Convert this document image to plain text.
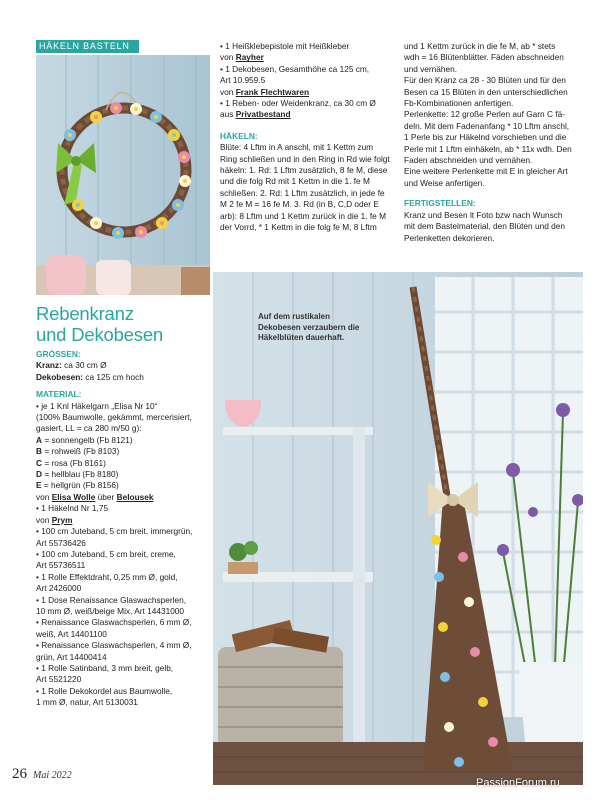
HÄKELN BASTELN
Rebenkranz
und Dekobesen
GRÖSSEN:

Kranz: ca 30 cm Ø

Dekobesen: ca 125 cm hoch

MATERIAL:

• je 1 Knl Häkelgarn „Elisa Nr 10“

(100% Baumwolle, gekämmt, mercerisiert,

gasiert, LL = ca 280 m/50 g):

A = sonnengelb (Fb 8121)

B = rohweiß (Fb 8103)

C = rosa (Fb 8161)

D = hellblau (Fb 8180)

E = hellgrün (Fb 8156)

von Elisa Wolle über Belousek

• 1 Häkelnd Nr 1,75

von Prym

• 100 cm Juteband, 5 cm breit, immergrün,

Art 55736426

• 100 cm Juteband, 5 cm breit, creme,

Art 55736511

• 1 Rolle Effektdraht, 0,25 mm Ø, gold,

Art 2426000

• 1 Dose Renaissance Glaswachsperlen,

10 mm Ø, weiß/beige Mix, Art 14431000

• Renaissance Glaswachsperlen, 6 mm Ø,

weiß, Art 14401100

• Renaissance Glaswachsperlen, 4 mm Ø,

grün, Art 14400414

• 1 Rolle Satinband, 3 mm breit, gelb,

Art 5521220

• 1 Rolle Dekokordel aus Baumwolle,

1 mm Ø, natur, Art 5130031

• 1 Heißklebepistole mit Heißkleber

von Rayher

• 1 Dekobesen, Gesamthöhe ca 125 cm,

Art 10.959.5

von Frank Flechtwaren

• 1 Reben- oder Weidenkranz, ca 30 cm Ø

aus Privatbestand

HÄKELN:

Blüte: 4 Lftm in A anschl, mit 1 Kettm zum

Ring schließen und in den Ring in Rd wie folgt

häkeln: 1. Rd: 1 Lftm zusätzlich, 8 fe M, diese

und die folg Rd mit 1 Kettm in die 1. fe M

schließen. 2. Rd: 1 Lftm zusätzlich, in jede fe

M 2 fe M = 16 fe M. 3. Rd (in B, C,D oder E

arb): 8 Lftm und 1 Kettm zurück in die 1. fe M

der Vorrd, * 1 Kettm in die folg fe M, 8 Lftm

und 1 Kettm zurück in die fe M, ab * stets

wdh = 16 Blütenblätter. Fäden abschneiden

und vernähen.

Für den Kranz ca 28 - 30 Blüten und für den

Besen ca 15 Blüten in den unterschiedlichen

Fb-Kombinationen anfertigen.

Perlenkette: 12 große Perlen auf Garn C fä-

deln. Mit dem Fadenanfang * 10 Lftm anschl,

1 Perle bis zur Häkelnd vorschieben und die

Perle mit 1 Lftm einhäkeln, ab * 11x wdh. Den

Faden abschneiden und vernähen.

Eine weitere Perlenkette mit E in gleicher Art

und Weise anfertigen.

FERTIGSTELLEN:

Kranz und Besen lt Foto bzw nach Wunsch

mit dem Bastelmaterial, den Blüten und den

Perlenketten dekorieren.

Auf dem rustikalen
Dekobesen verzaubern die
Häkelblüten dauerhaft.
26 Mai 2022
PassionForum.ru
